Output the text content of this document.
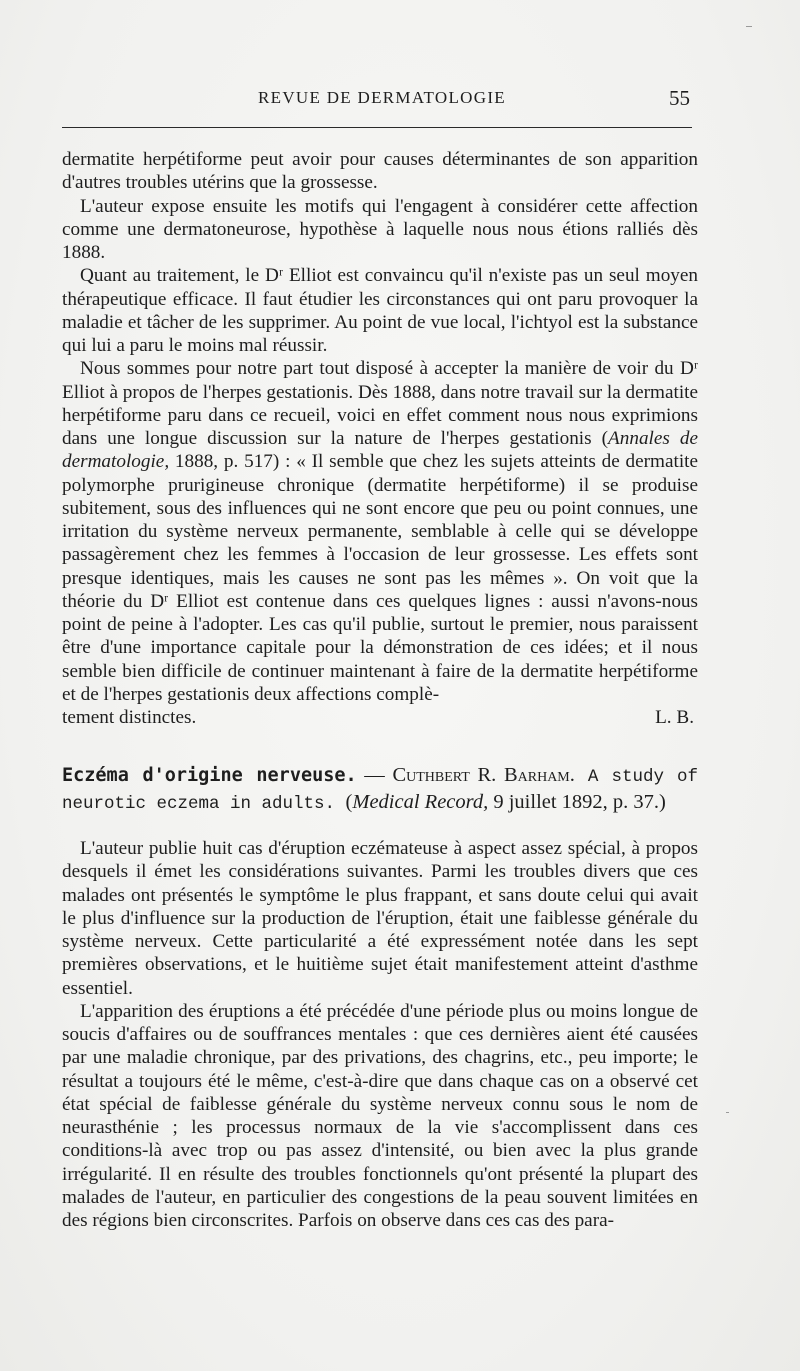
REVUE DE DERMATOLOGIE	55

dermatite herpétiforme peut avoir pour causes déterminantes de son apparition d'autres troubles utérins que la grossesse.

L'auteur expose ensuite les motifs qui l'engagent à considérer cette affection comme une dermatoneurose, hypothèse à laquelle nous nous étions ralliés dès 1888.

Quant au traitement, le Dʳ Elliot est convaincu qu'il n'existe pas un seul moyen thérapeutique efficace. Il faut étudier les circonstances qui ont paru provoquer la maladie et tâcher de les supprimer. Au point de vue local, l'ichtyol est la substance qui lui a paru le moins mal réussir.

Nous sommes pour notre part tout disposé à accepter la manière de voir du Dʳ Elliot à propos de l'herpes gestationis. Dès 1888, dans notre travail sur la dermatite herpétiforme paru dans ce recueil, voici en effet comment nous nous exprimions dans une longue discussion sur la nature de l'herpes gestationis (Annales de dermatologie, 1888, p. 517) : « Il semble que chez les sujets atteints de dermatite polymorphe prurigineuse chronique (dermatite herpétiforme) il se produise subitement, sous des influences qui ne sont encore que peu ou point connues, une irritation du système nerveux permanente, semblable à celle qui se développe passagèrement chez les femmes à l'occasion de leur grossesse. Les effets sont presque identiques, mais les causes ne sont pas les mêmes ». On voit que la théorie du Dʳ Elliot est contenue dans ces quelques lignes : aussi n'avons-nous point de peine à l'adopter. Les cas qu'il publie, surtout le premier, nous paraissent être d'une importance capitale pour la démonstration de ces idées; et il nous semble bien difficile de continuer maintenant à faire de la dermatite herpétiforme et de l'herpes gestationis deux affections complè-

tement distinctes.	L. B.
Eczéma d'origine nerveuse. — Cuthbert R. Barham. A study of neurotic eczema in adults. (Medical Record, 9 juillet 1892, p. 37.)

L'auteur publie huit cas d'éruption eczémateuse à aspect assez spécial, à propos desquels il émet les considérations suivantes. Parmi les troubles divers que ces malades ont présentés le symptôme le plus frappant, et sans doute celui qui avait le plus d'influence sur la production de l'éruption, était une faiblesse générale du système nerveux. Cette particularité a été expressément notée dans les sept premières observations, et le huitième sujet était manifestement atteint d'asthme essentiel.

L'apparition des éruptions a été précédée d'une période plus ou moins longue de soucis d'affaires ou de souffrances mentales : que ces dernières aient été causées par une maladie chronique, par des privations, des chagrins, etc., peu importe; le résultat a toujours été le même, c'est-à-dire que dans chaque cas on a observé cet état spécial de faiblesse générale du système nerveux connu sous le nom de neurasthénie ; les processus normaux de la vie s'accomplissent dans ces conditions-là avec trop ou pas assez d'intensité, ou bien avec la plus grande irrégularité. Il en résulte des troubles fonctionnels qu'ont présenté la plupart des malades de l'auteur, en particulier des congestions de la peau souvent limitées en des régions bien circonscrites. Parfois on observe dans ces cas des para-
